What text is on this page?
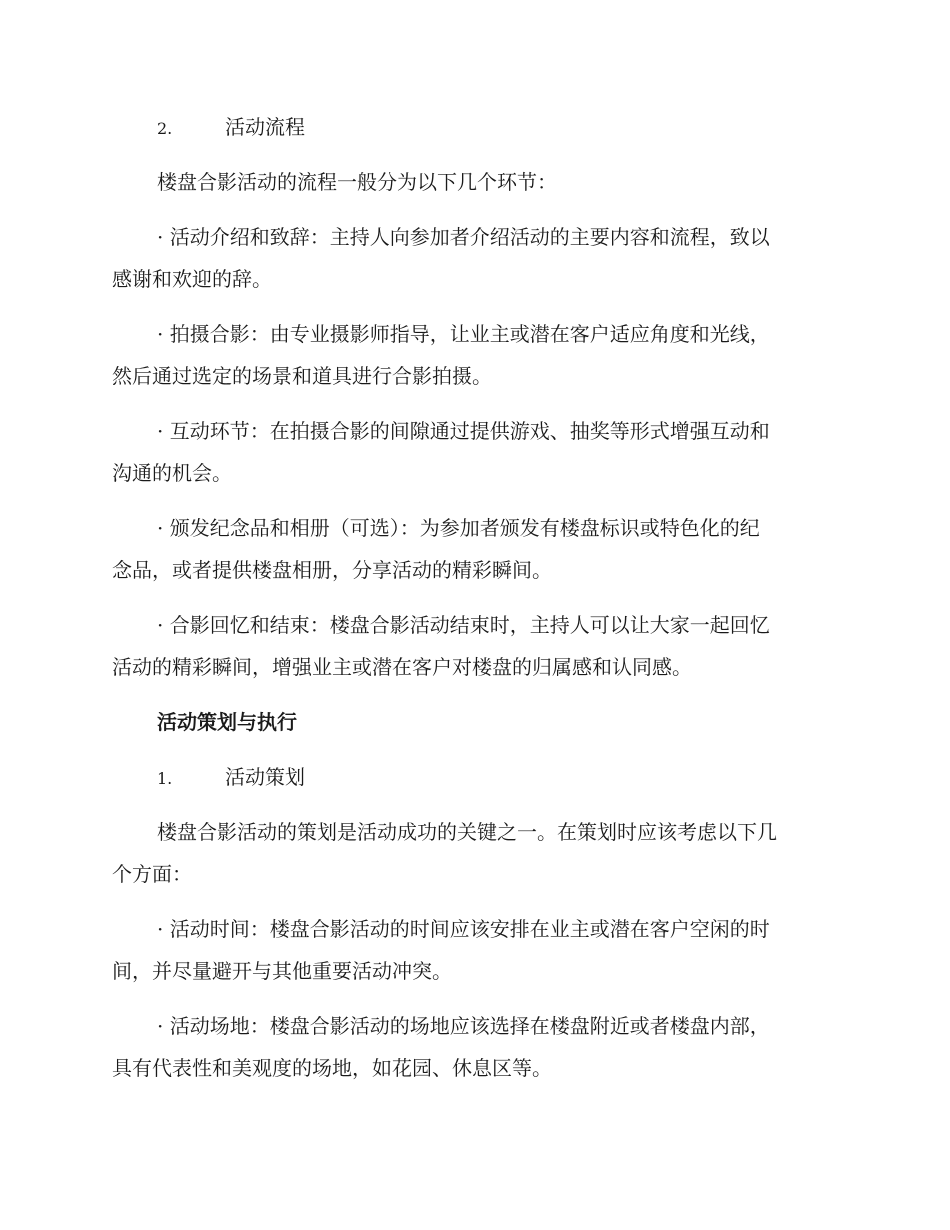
2.	活动流程
楼盘合影活动的流程一般分为以下几个环节：
· 活动介绍和致辞：主持人向参加者介绍活动的主要内容和流程，致以
感谢和欢迎的辞。
· 拍摄合影：由专业摄影师指导，让业主或潜在客户适应角度和光线，
然后通过选定的场景和道具进行合影拍摄。
· 互动环节：在拍摄合影的间隙通过提供游戏、抽奖等形式增强互动和
沟通的机会。
· 颁发纪念品和相册（可选）：为参加者颁发有楼盘标识或特色化的纪
念品，或者提供楼盘相册，分享活动的精彩瞬间。
· 合影回忆和结束：楼盘合影活动结束时，主持人可以让大家一起回忆
活动的精彩瞬间，增强业主或潜在客户对楼盘的归属感和认同感。
活动策划与执行
1.	活动策划
楼盘合影活动的策划是活动成功的关键之一。在策划时应该考虑以下几
个方面：
· 活动时间：楼盘合影活动的时间应该安排在业主或潜在客户空闲的时
间，并尽量避开与其他重要活动冲突。
· 活动场地：楼盘合影活动的场地应该选择在楼盘附近或者楼盘内部，
具有代表性和美观度的场地，如花园、休息区等。
